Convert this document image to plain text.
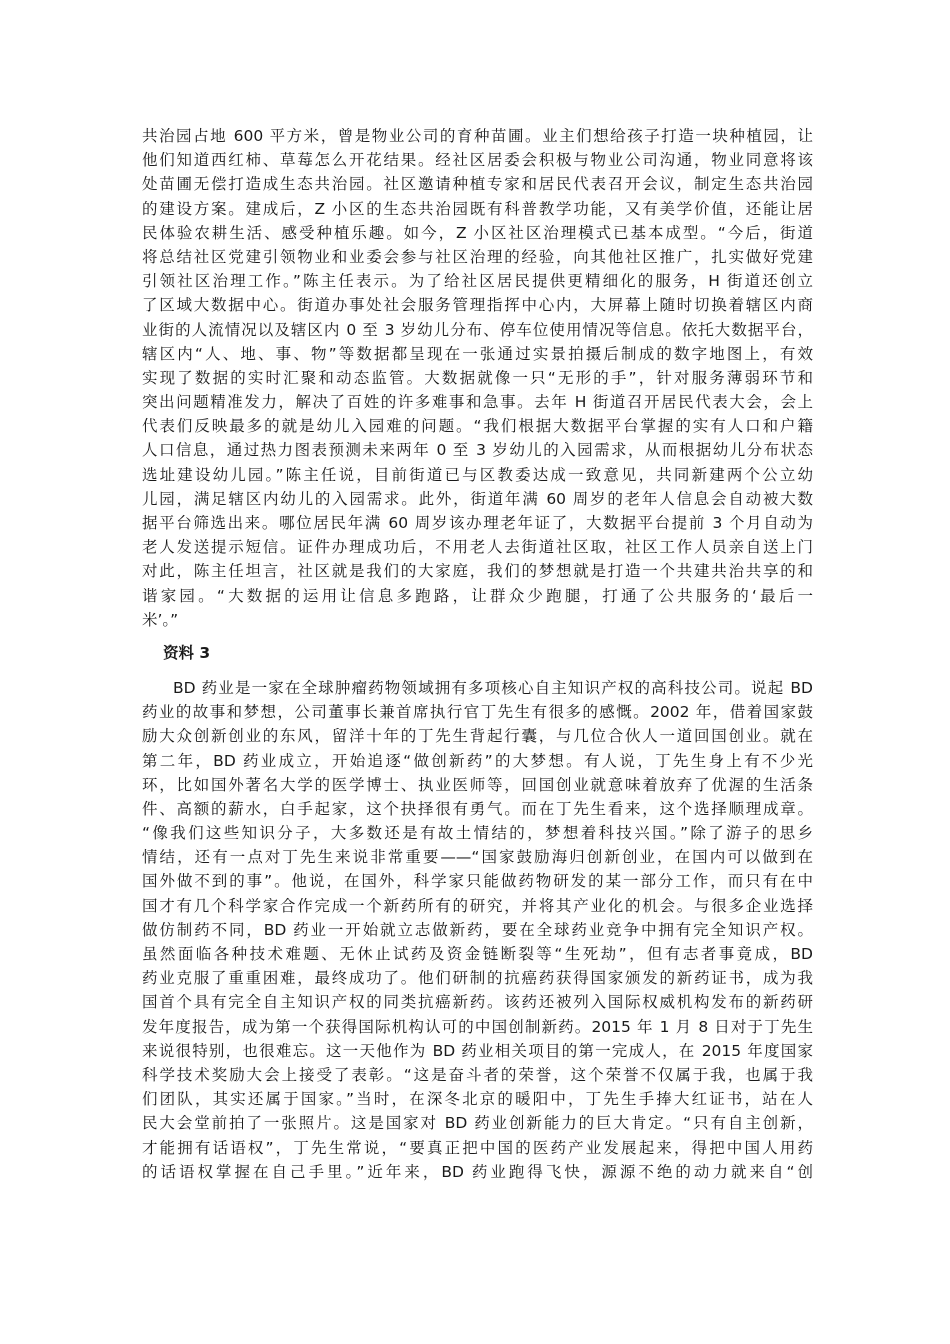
共治园占地 600 平方米，曾是物业公司的育种苗圃。业主们想给孩子打造一块种植园，让
他们知道西红柿、草莓怎么开花结果。经社区居委会积极与物业公司沟通，物业同意将该
处苗圃无偿打造成生态共治园。社区邀请种植专家和居民代表召开会议，制定生态共治园
的建设方案。建成后，Z 小区的生态共治园既有科普教学功能，又有美学价值，还能让居
民体验农耕生活、感受种植乐趣。如今，Z 小区社区治理模式已基本成型。“今后，街道
将总结社区党建引领物业和业委会参与社区治理的经验，向其他社区推广，扎实做好党建
引领社区治理工作。”陈主任表示。为了给社区居民提供更精细化的服务，H 街道还创立
了区域大数据中心。街道办事处社会服务管理指挥中心内，大屏幕上随时切换着辖区内商
业街的人流情况以及辖区内 0 至 3 岁幼儿分布、停车位使用情况等信息。依托大数据平台，
辖区内“人、地、事、物”等数据都呈现在一张通过实景拍摄后制成的数字地图上，有效
实现了数据的实时汇聚和动态监管。大数据就像一只“无形的手”，针对服务薄弱环节和
突出问题精准发力，解决了百姓的许多难事和急事。去年 H 街道召开居民代表大会，会上
代表们反映最多的就是幼儿入园难的问题。“我们根据大数据平台掌握的实有人口和户籍
人口信息，通过热力图表预测未来两年 0 至 3 岁幼儿的入园需求，从而根据幼儿分布状态
选址建设幼儿园。”陈主任说，目前街道已与区教委达成一致意见，共同新建两个公立幼
儿园，满足辖区内幼儿的入园需求。此外，街道年满 60 周岁的老年人信息会自动被大数
据平台筛选出来。哪位居民年满 60 周岁该办理老年证了，大数据平台提前 3 个月自动为
老人发送提示短信。证件办理成功后，不用老人去街道社区取，社区工作人员亲自送上门
对此，陈主任坦言，社区就是我们的大家庭，我们的梦想就是打造一个共建共治共享的和
谐家园。“大数据的运用让信息多跑路，让群众少跑腿，打通了公共服务的‘最后一
米’。”
资料 3
BD 药业是一家在全球肿瘤药物领域拥有多项核心自主知识产权的高科技公司。说起 BD
药业的故事和梦想，公司董事长兼首席执行官丁先生有很多的感慨。2002 年，借着国家鼓
励大众创新创业的东风，留洋十年的丁先生背起行囊，与几位合伙人一道回国创业。就在
第二年，BD 药业成立，开始追逐“做创新药”的大梦想。有人说，丁先生身上有不少光
环，比如国外著名大学的医学博士、执业医师等，回国创业就意味着放弃了优渥的生活条
件、高额的薪水，白手起家，这个抉择很有勇气。而在丁先生看来，这个选择顺理成章。
“像我们这些知识分子，大多数还是有故土情结的，梦想着科技兴国。”除了游子的思乡
情结，还有一点对丁先生来说非常重要——“国家鼓励海归创新创业，在国内可以做到在
国外做不到的事”。他说，在国外，科学家只能做药物研发的某一部分工作，而只有在中
国才有几个科学家合作完成一个新药所有的研究，并将其产业化的机会。与很多企业选择
做仿制药不同，BD 药业一开始就立志做新药，要在全球药业竞争中拥有完全知识产权。
虽然面临各种技术难题、无休止试药及资金链断裂等“生死劫”，但有志者事竟成，BD
药业克服了重重困难，最终成功了。他们研制的抗癌药获得国家颁发的新药证书，成为我
国首个具有完全自主知识产权的同类抗癌新药。该药还被列入国际权威机构发布的新药研
发年度报告，成为第一个获得国际机构认可的中国创制新药。2015 年 1 月 8 日对于丁先生
来说很特别，也很难忘。这一天他作为 BD 药业相关项目的第一完成人，在 2015 年度国家
科学技术奖励大会上接受了表彰。“这是奋斗者的荣誉，这个荣誉不仅属于我，也属于我
们团队，其实还属于国家。”当时，在深冬北京的暖阳中，丁先生手捧大红证书，站在人
民大会堂前拍了一张照片。这是国家对 BD 药业创新能力的巨大肯定。“只有自主创新，
才能拥有话语权”，丁先生常说，“要真正把中国的医药产业发展起来，得把中国人用药
的话语权掌握在自己手里。”近年来，BD 药业跑得飞快，源源不绝的动力就来自“创
